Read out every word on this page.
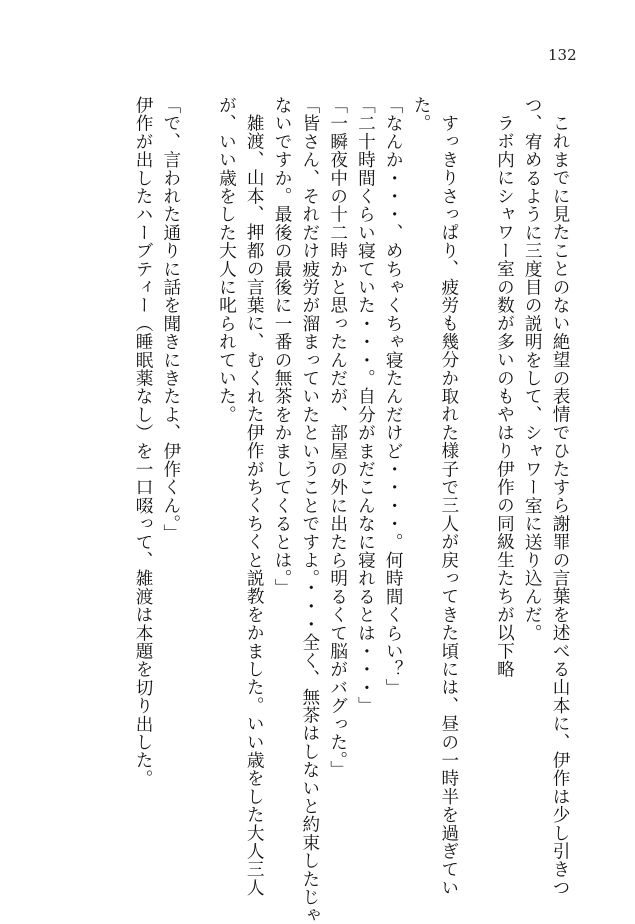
132

これまでに見たことのない絶望の表情でひたすら謝罪の言葉を述べる山本に、伊作は少し引きつ

つ、宥めるように三度目の説明をして、シャワー室に送り込んだ。

ラボ内にシャワー室の数が多いのもやはり伊作の同級生たちが以下略

すっきりさっぱり、疲労も幾分か取れた様子で三人が戻ってきた頃には、昼の一時半を過ぎてい

た。

「なんか・・・、めちゃくちゃ寝たんだけど・・・・。何時間くらい？」

「二十時間くらい寝ていた・・・。自分がまだこんなに寝れるとは・・・」

「一瞬夜中の十二時かと思ったんだが、部屋の外に出たら明るくて脳がバグった。」

「皆さん、それだけ疲労が溜まっていたということですよ。・・・全く、無茶はしないと約束したじゃ

ないですか。最後の最後に一番の無茶をかましてくるとは。」

雑渡、山本、押都の言葉に、むくれた伊作がちくちくと説教をかました。いい歳をした大人三人

が、いい歳をした大人に叱られていた。

「で、言われた通りに話を聞きにきたよ、伊作くん。」

伊作が出したハーブティー（睡眠薬なし）を一口啜って、雑渡は本題を切り出した。
